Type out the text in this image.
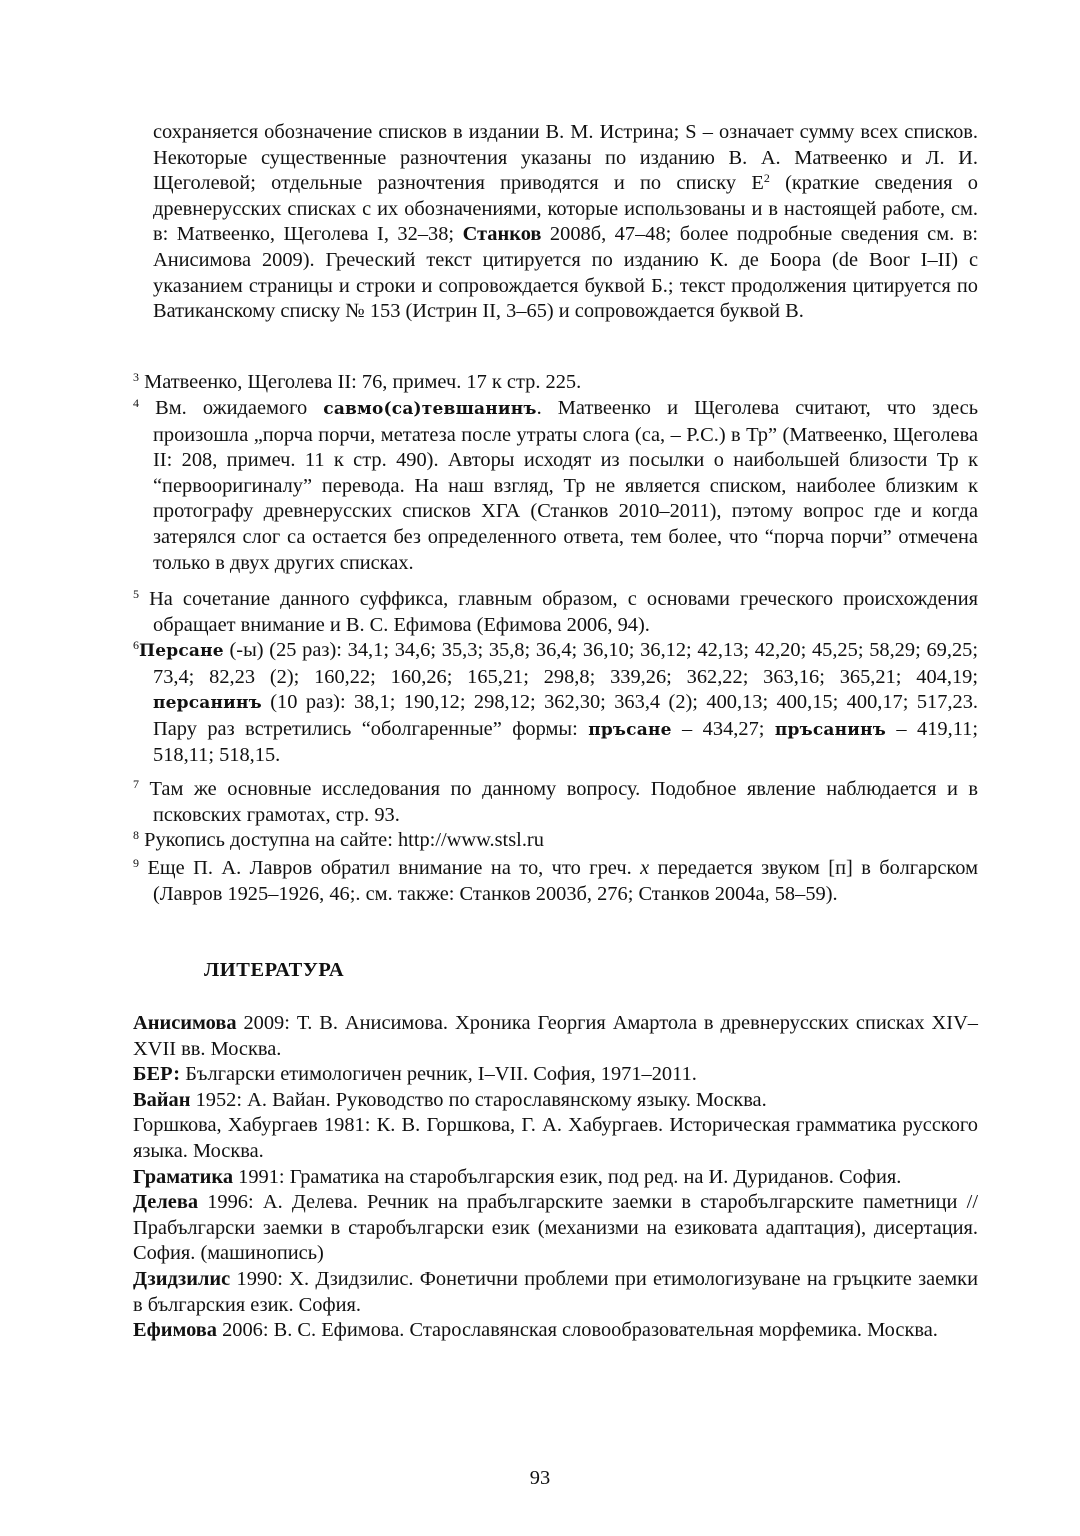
сохраняется обозначение списков в издании В. М. Истрина; S – означает сумму всех списков. Некоторые существенные разночтения указаны по изданию В. А. Матвеенко и Л. И. Щеголевой; отдельные разночтения приводятся и по списку $Е^2$ (краткие сведения о древнерусских списках с их обозначениями, которые использованы и в настоящей работе, см. в: Матвеенко, Щеголева I, 32–38; Станков 2008б, 47–48; более подробные сведения см. в: Анисимова 2009). Греческий текст цитируется по изданию К. де Боора (de Boor I–II) с указанием страницы и строки и сопровождается буквой Б.; текст продолжения цитируется по Ватиканскому списку № 153 (Истрин II, 3–65) и сопровождается буквой В.

$^3$ Матвеенко, Щеголева II: 76, примеч. 17 к стр. 225.

$^4$ Вм. ожидаемого савмо(са)тевшанинъ. Матвеенко и Щеголева считают, что здесь произошла „порча порчи, метатеза после утраты слога (са, – Р.С.) в Тр” (Матвеенко, Щеголева II: 208, примеч. 11 к стр. 490). Авторы исходят из посылки о наибольшей близости Тр к “первооригиналу” перевода. На наш взгляд, Тр не является списком, наиболее близким к протографу древнерусских списков ХГА (Станков 2010–2011), пэтому вопрос где и когда затерялся слог са остается без определенного ответа, тем более, что “порча порчи” отмечена только в двух других списках.

$^5$ На сочетание данного суффикса, главным образом, с основами греческого происхождения обращает внимание и В. С. Ефимова (Ефимова 2006, 94).

$^6$Персане (-ы) (25 раз): 34,1; 34,6; 35,3; 35,8; 36,4; 36,10; 36,12; 42,13; 42,20; 45,25; 58,29; 69,25; 73,4; 82,23 (2); 160,22; 160,26; 165,21; 298,8; 339,26; 362,22; 363,16; 365,21; 404,19; персанинъ (10 раз): 38,1; 190,12; 298,12; 362,30; 363,4 (2); 400,13; 400,15; 400,17; 517,23. Пару раз встретились “оболгаренные” формы: пръсане – 434,27; пръсанинъ – 419,11; 518,11; 518,15.

$^7$ Там же основные исследования по данному вопросу. Подобное явление наблюдается и в псковских грамотах, стр. 93.

$^8$ Рукопись доступна на сайте: http://www.stsl.ru

$^9$ Еще П. А. Лавров обратил внимание на то, что греч. x передается звуком [п] в болгарском (Лавров 1925–1926, 46;. см. также: Станков 2003б, 276; Станков 2004а, 58–59).

ЛИТЕРАТУРА

Анисимова 2009: Т. В. Анисимова. Хроника Георгия Амартола в древнерусских списках XIV–XVII вв. Москва.

БЕР: Български етимологичен речник, I–VII. София, 1971–2011.

Вайан 1952: А. Вайан. Руководство по старославянскому языку. Москва.

Горшкова, Хабургаев 1981: К. В. Горшкова, Г. А. Хабургаев. Историческая грамматика русского языка. Москва.

Граматика 1991: Граматика на старобългарския език, под ред. на И. Дуриданов. София.

Делева 1996: А. Делева. Речник на прабългарските заемки в старобългарските паметници // Прабългарски заемки в старобългарски език (механизми на езиковата адаптация), дисертация. София. (машинопись)

Дзидзилис 1990: Х. Дзидзилис. Фонетични проблеми при етимологизуване на гръцките заемки в българския език. София.

Ефимова 2006: В. С. Ефимова. Старославянская словообразовательная морфемика. Москва.

93
